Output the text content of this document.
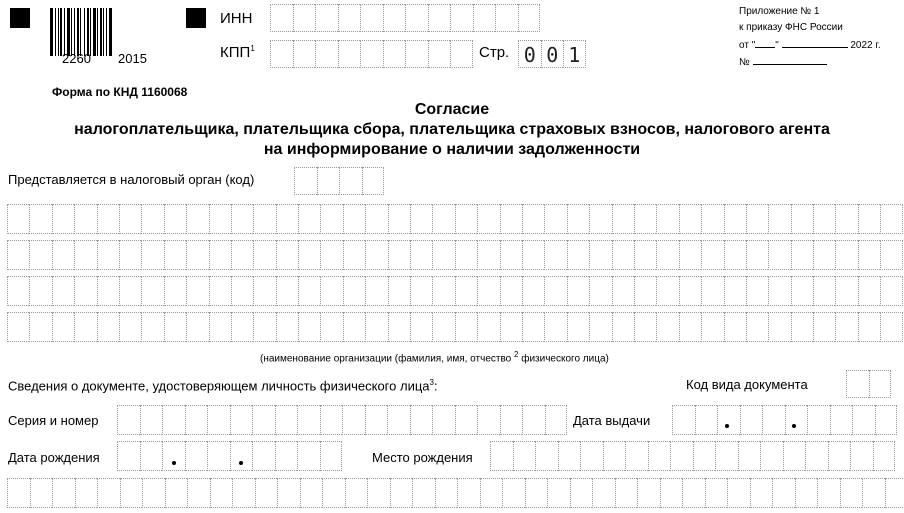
2260 2015
ИНН
КПП$^1$	Стр. 0 0 1
Приложение № 1
к приказу ФНС России
от " "	2022 г.
№
Форма по КНД 1160068
Согласие
налогоплательщика, плательщика сбора, плательщика страховых взносов, налогового агента
на информирование о наличии задолженности
Представляется в налоговый орган (код)
(наименование организации (фамилия, имя, отчество $^2$ физического лица)
Сведения о документе, удостоверяющем личность физического лица$^3$:	Код вида документа
Серия и номер	Дата выдачи
Дата рождения	Место рождения
